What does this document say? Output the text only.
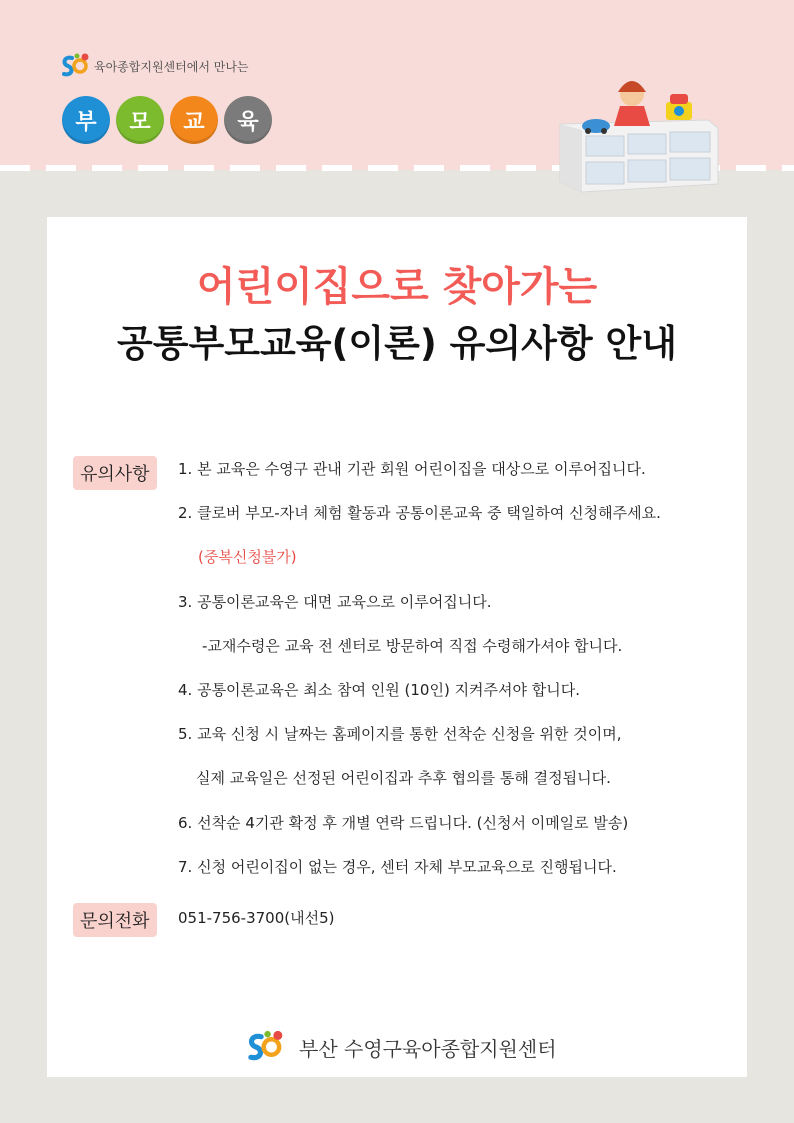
육아종합지원센터에서 만나는
부	모	교	육
어린이집으로 찾아가는
공통부모교육(이론) 유의사항 안내
유의사항	1. 본 교육은 수영구 관내 기관 회원 어린이집을 대상으로 이루어집니다.
2. 클로버 부모-자녀 체험 활동과 공통이론교육 중 택일하여 신청해주세요.
(중복신청불가)
3. 공통이론교육은 대면 교육으로 이루어집니다.
-교재수령은 교육 전 센터로 방문하여 직접 수령해가셔야 합니다.
4. 공통이론교육은 최소 참여 인원 (10인) 지켜주셔야 합니다.
5. 교육 신청 시 날짜는 홈페이지를 통한 선착순 신청을 위한 것이며,
실제 교육일은 선정된 어린이집과 추후 협의를 통해 결정됩니다.
6. 선착순 4기관 확정 후 개별 연락 드립니다. (신청서 이메일로 발송)
7. 신청 어린이집이 없는 경우, 센터 자체 부모교육으로 진행됩니다.
문의전화	051-756-3700(내선5)
부산 수영구육아종합지원센터
